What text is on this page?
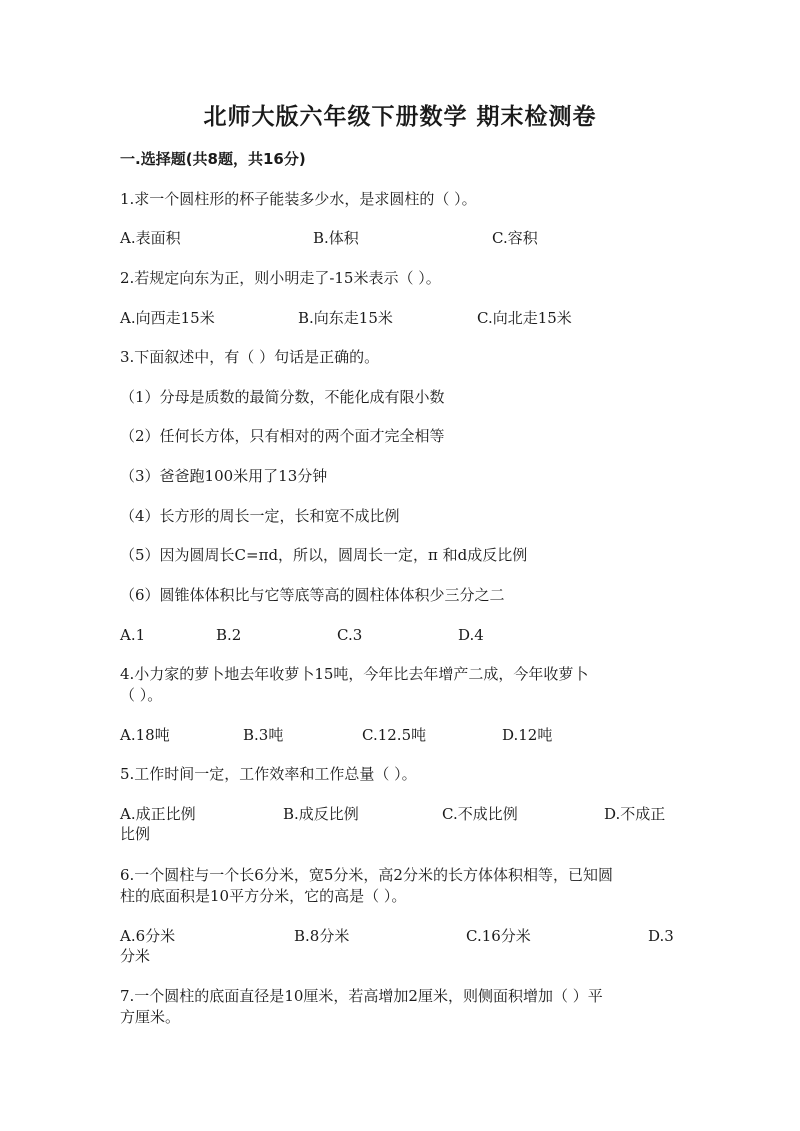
北师大版六年级下册数学 期末检测卷
一.选择题(共8题，共16分)
1.求一个圆柱形的杯子能装多少水，是求圆柱的（ ）。
A.表面积	B.体积	C.容积
2.若规定向东为正，则小明走了-15米表示（ ）。
A.向西走15米	B.向东走15米	C.向北走15米
3.下面叙述中，有（ ）句话是正确的。
（1）分母是质数的最简分数，不能化成有限小数
（2）任何长方体，只有相对的两个面才完全相等
（3）爸爸跑100米用了13分钟
（4）长方形的周长一定，长和宽不成比例
（5）因为圆周长C=πd，所以，圆周长一定，π 和d成反比例
（6）圆锥体体积比与它等底等高的圆柱体体积少三分之二
A.1	B.2	C.3	D.4
4.小力家的萝卜地去年收萝卜15吨，今年比去年增产二成，今年收萝卜
（ ）。
A.18吨	B.3吨	C.12.5吨	D.12吨
5.工作时间一定，工作效率和工作总量（ ）。
A.成正比例	B.成反比例	C.不成比例	D.不成正
比例
6.一个圆柱与一个长6分米，宽5分米，高2分米的长方体体积相等，已知圆
柱的底面积是10平方分米，它的高是（ ）。
A.6分米	B.8分米	C.16分米	D.3
分米
7.一个圆柱的底面直径是10厘米，若高增加2厘米，则侧面积增加（ ）平
方厘米。
